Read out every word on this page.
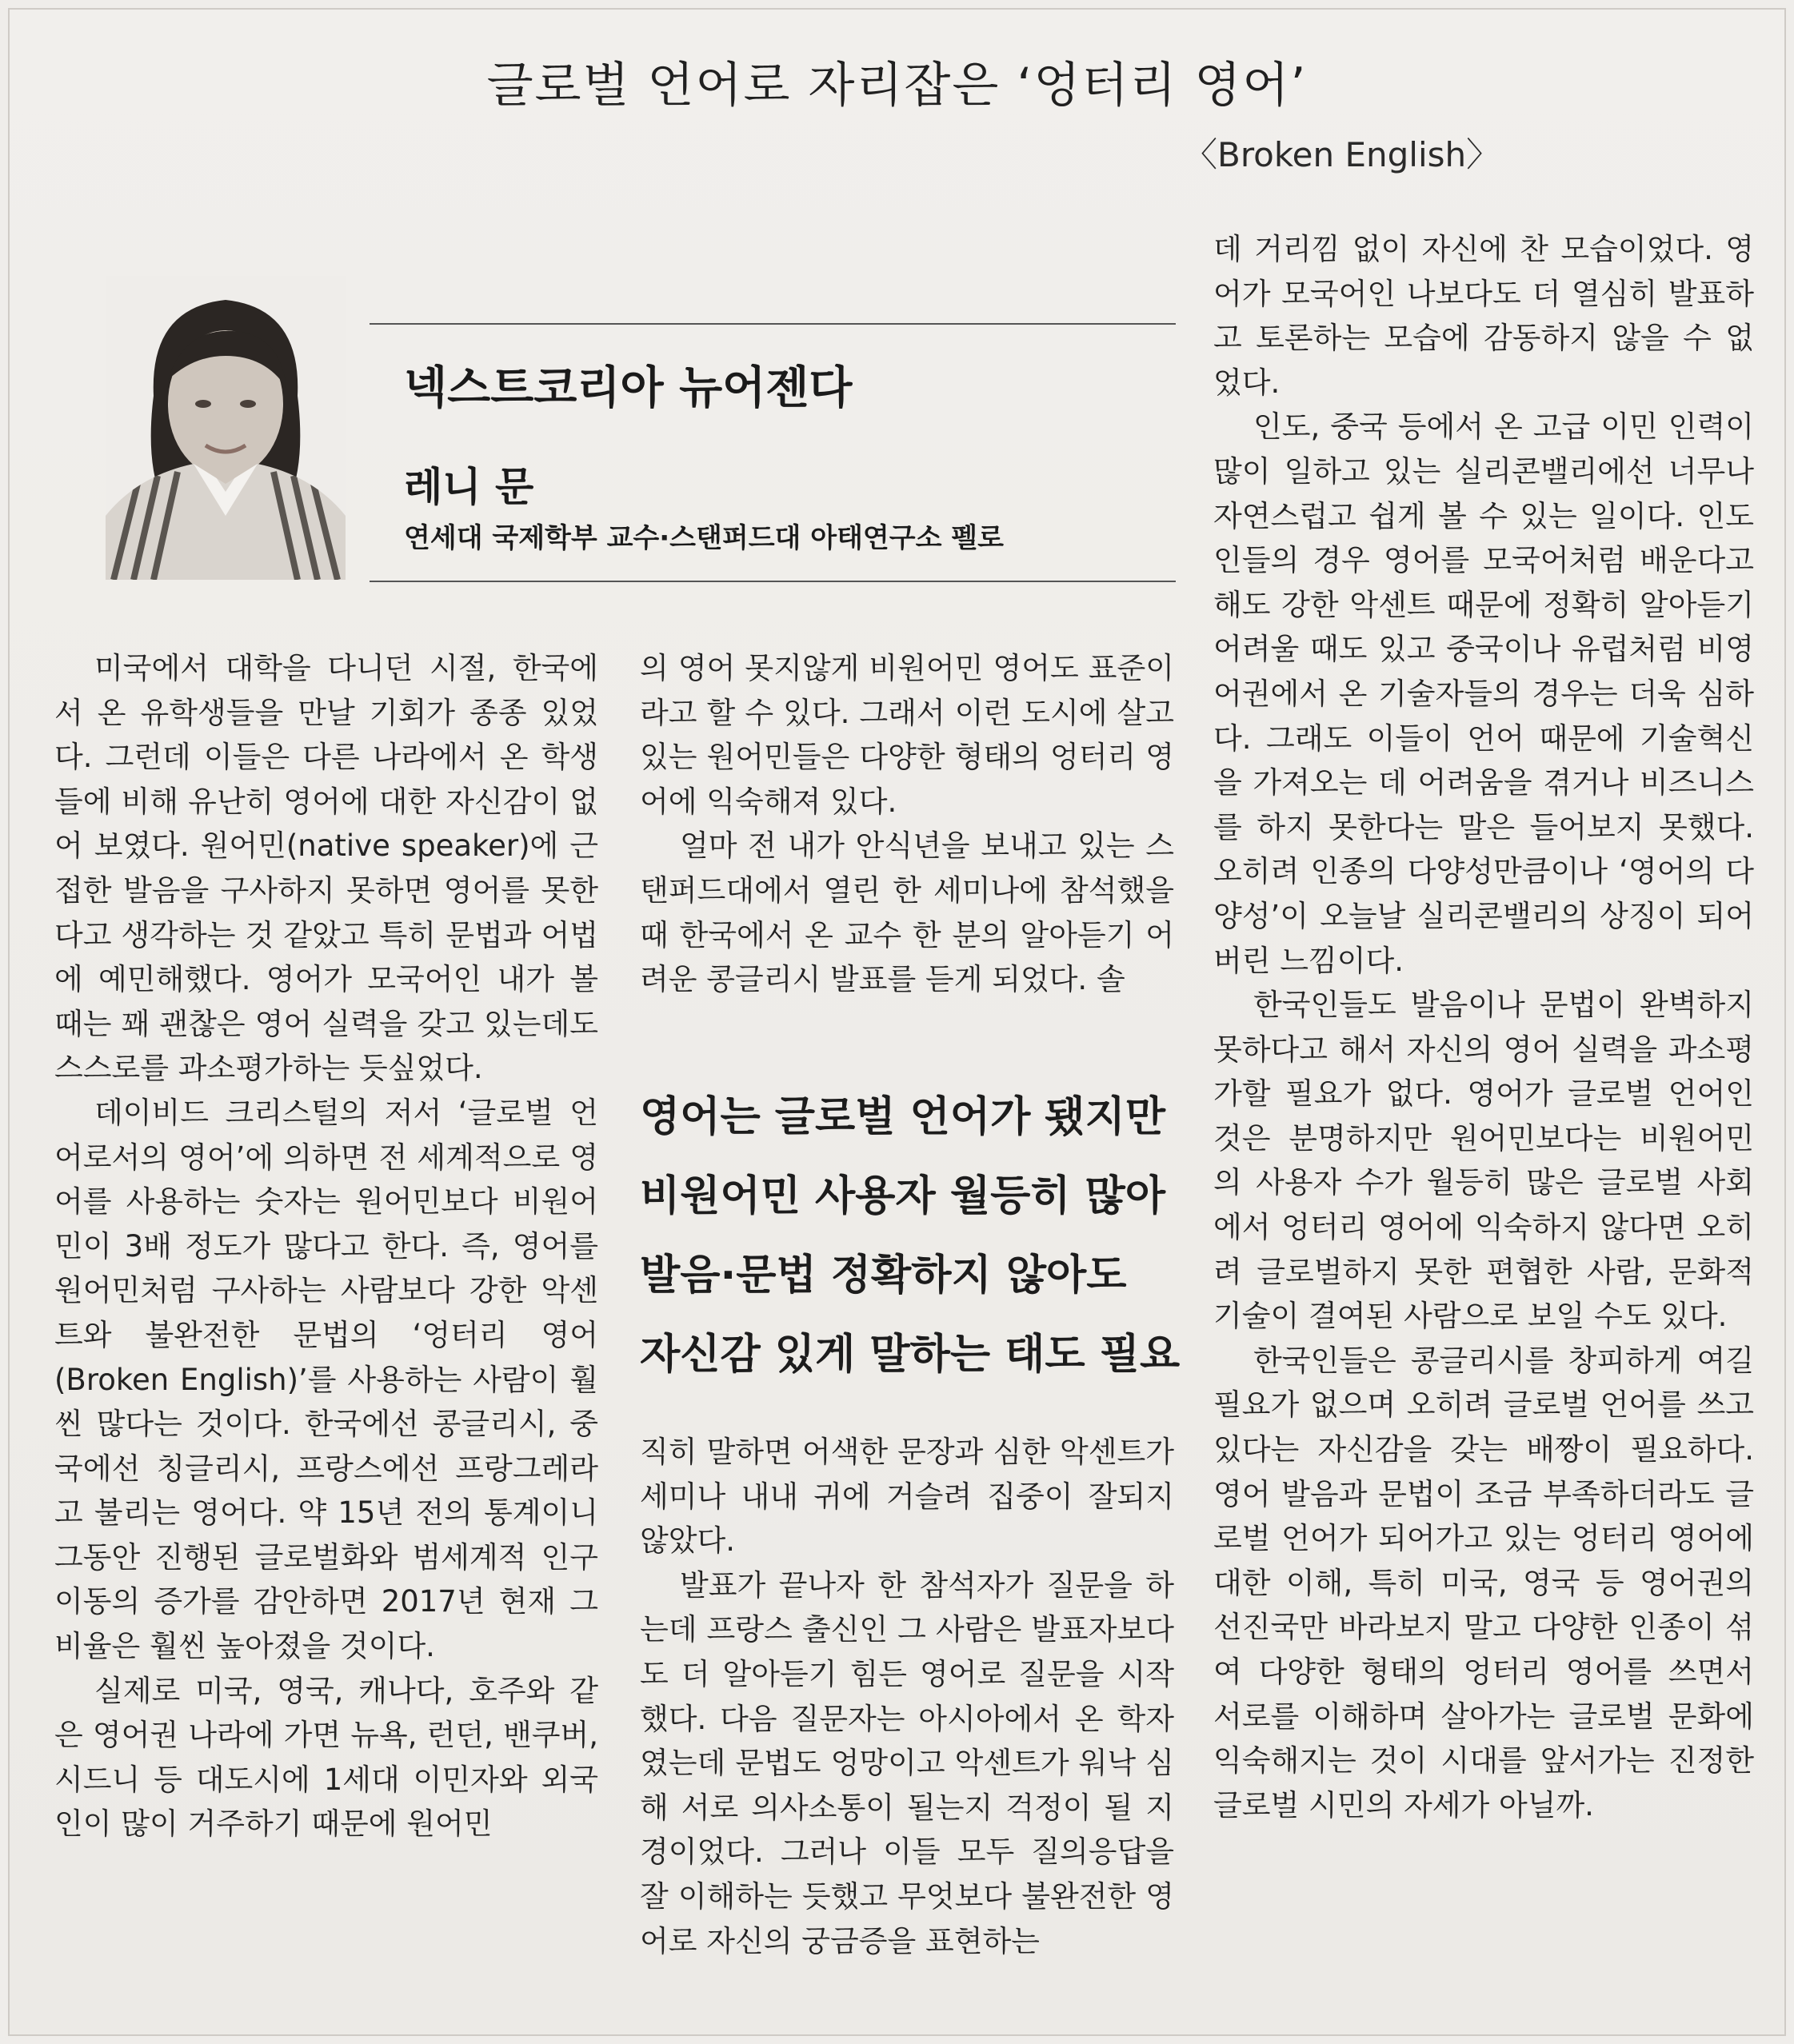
글로벌 언어로 자리잡은 ‘엉터리 영어’
〈Broken English〉
넥스트코리아 뉴어젠다
레니 문
연세대 국제학부 교수·스탠퍼드대 아태연구소 펠로

미국에서 대학을 다니던 시절, 한국에서 온 유학생들을 만날 기회가 종종 있었다. 그런데 이들은 다른 나라에서 온 학생들에 비해 유난히 영어에 대한 자신감이 없어 보였다. 원어민(native speaker)에 근접한 발음을 구사하지 못하면 영어를 못한다고 생각하는 것 같았고 특히 문법과 어법에 예민해했다. 영어가 모국어인 내가 볼 때는 꽤 괜찮은 영어 실력을 갖고 있는데도 스스로를 과소평가하는 듯싶었다.

데이비드 크리스털의 저서 ‘글로벌 언어로서의 영어’에 의하면 전 세계적으로 영어를 사용하는 숫자는 원어민보다 비원어민이 3배 정도가 많다고 한다. 즉, 영어를 원어민처럼 구사하는 사람보다 강한 악센트와 불완전한 문법의 ‘엉터리 영어(Broken English)’를 사용하는 사람이 훨씬 많다는 것이다. 한국에선 콩글리시, 중국에선 칭글리시, 프랑스에선 프랑그레라고 불리는 영어다. 약 15년 전의 통계이니 그동안 진행된 글로벌화와 범세계적 인구 이동의 증가를 감안하면 2017년 현재 그 비율은 훨씬 높아졌을 것이다.

실제로 미국, 영국, 캐나다, 호주와 같은 영어권 나라에 가면 뉴욕, 런던, 밴쿠버, 시드니 등 대도시에 1세대 이민자와 외국인이 많이 거주하기 때문에 원어민

의 영어 못지않게 비원어민 영어도 표준이라고 할 수 있다. 그래서 이런 도시에 살고 있는 원어민들은 다양한 형태의 엉터리 영어에 익숙해져 있다.

얼마 전 내가 안식년을 보내고 있는 스탠퍼드대에서 열린 한 세미나에 참석했을 때 한국에서 온 교수 한 분의 알아듣기 어려운 콩글리시 발표를 듣게 되었다. 솔

영어는 글로벌 언어가 됐지만
비원어민 사용자 월등히 많아
발음·문법 정확하지 않아도
자신감 있게 말하는 태도 필요

직히 말하면 어색한 문장과 심한 악센트가 세미나 내내 귀에 거슬려 집중이 잘되지 않았다.

발표가 끝나자 한 참석자가 질문을 하는데 프랑스 출신인 그 사람은 발표자보다도 더 알아듣기 힘든 영어로 질문을 시작했다. 다음 질문자는 아시아에서 온 학자였는데 문법도 엉망이고 악센트가 워낙 심해 서로 의사소통이 될는지 걱정이 될 지경이었다. 그러나 이들 모두 질의응답을 잘 이해하는 듯했고 무엇보다 불완전한 영어로 자신의 궁금증을 표현하는

데 거리낌 없이 자신에 찬 모습이었다. 영어가 모국어인 나보다도 더 열심히 발표하고 토론하는 모습에 감동하지 않을 수 없었다.

인도, 중국 등에서 온 고급 이민 인력이 많이 일하고 있는 실리콘밸리에선 너무나 자연스럽고 쉽게 볼 수 있는 일이다. 인도인들의 경우 영어를 모국어처럼 배운다고 해도 강한 악센트 때문에 정확히 알아듣기 어려울 때도 있고 중국이나 유럽처럼 비영어권에서 온 기술자들의 경우는 더욱 심하다. 그래도 이들이 언어 때문에 기술혁신을 가져오는 데 어려움을 겪거나 비즈니스를 하지 못한다는 말은 들어보지 못했다. 오히려 인종의 다양성만큼이나 ‘영어의 다양성’이 오늘날 실리콘밸리의 상징이 되어 버린 느낌이다.

한국인들도 발음이나 문법이 완벽하지 못하다고 해서 자신의 영어 실력을 과소평가할 필요가 없다. 영어가 글로벌 언어인 것은 분명하지만 원어민보다는 비원어민의 사용자 수가 월등히 많은 글로벌 사회에서 엉터리 영어에 익숙하지 않다면 오히려 글로벌하지 못한 편협한 사람, 문화적 기술이 결여된 사람으로 보일 수도 있다.

한국인들은 콩글리시를 창피하게 여길 필요가 없으며 오히려 글로벌 언어를 쓰고 있다는 자신감을 갖는 배짱이 필요하다. 영어 발음과 문법이 조금 부족하더라도 글로벌 언어가 되어가고 있는 엉터리 영어에 대한 이해, 특히 미국, 영국 등 영어권의 선진국만 바라보지 말고 다양한 인종이 섞여 다양한 형태의 엉터리 영어를 쓰면서 서로를 이해하며 살아가는 글로벌 문화에 익숙해지는 것이 시대를 앞서가는 진정한 글로벌 시민의 자세가 아닐까.
